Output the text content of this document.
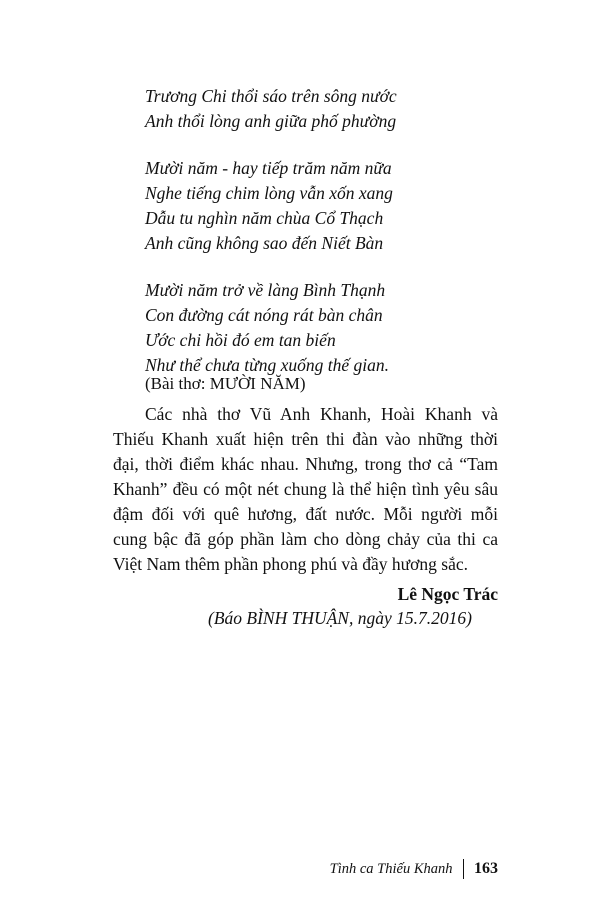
Trương Chi thổi sáo trên sông nước
Anh thổi lòng anh giữa phố phường
Mười năm - hay tiếp trăm năm nữa
Nghe tiếng chim lòng vẫn xốn xang
Dẫu tu nghìn năm chùa Cổ Thạch
Anh cũng không sao đến Niết Bàn
Mười năm trở về làng Bình Thạnh
Con đường cát nóng rát bàn chân
Ước chi hồi đó em tan biến
Như thể chưa từng xuống thế gian.
(Bài thơ: MƯỜI NĂM)

Các nhà thơ Vũ Anh Khanh, Hoài Khanh và Thiếu Khanh xuất hiện trên thi đàn vào những thời đại, thời điểm khác nhau. Nhưng, trong thơ cả “Tam Khanh” đều có một nét chung là thể hiện tình yêu sâu đậm đối với quê hương, đất nước. Mỗi người mỗi cung bậc đã góp phần làm cho dòng chảy của thi ca Việt Nam thêm phần phong phú và đầy hương sắc.

Lê Ngọc Trác
(Báo BÌNH THUẬN, ngày 15.7.2016)
Tình ca Thiếu Khanh 163
